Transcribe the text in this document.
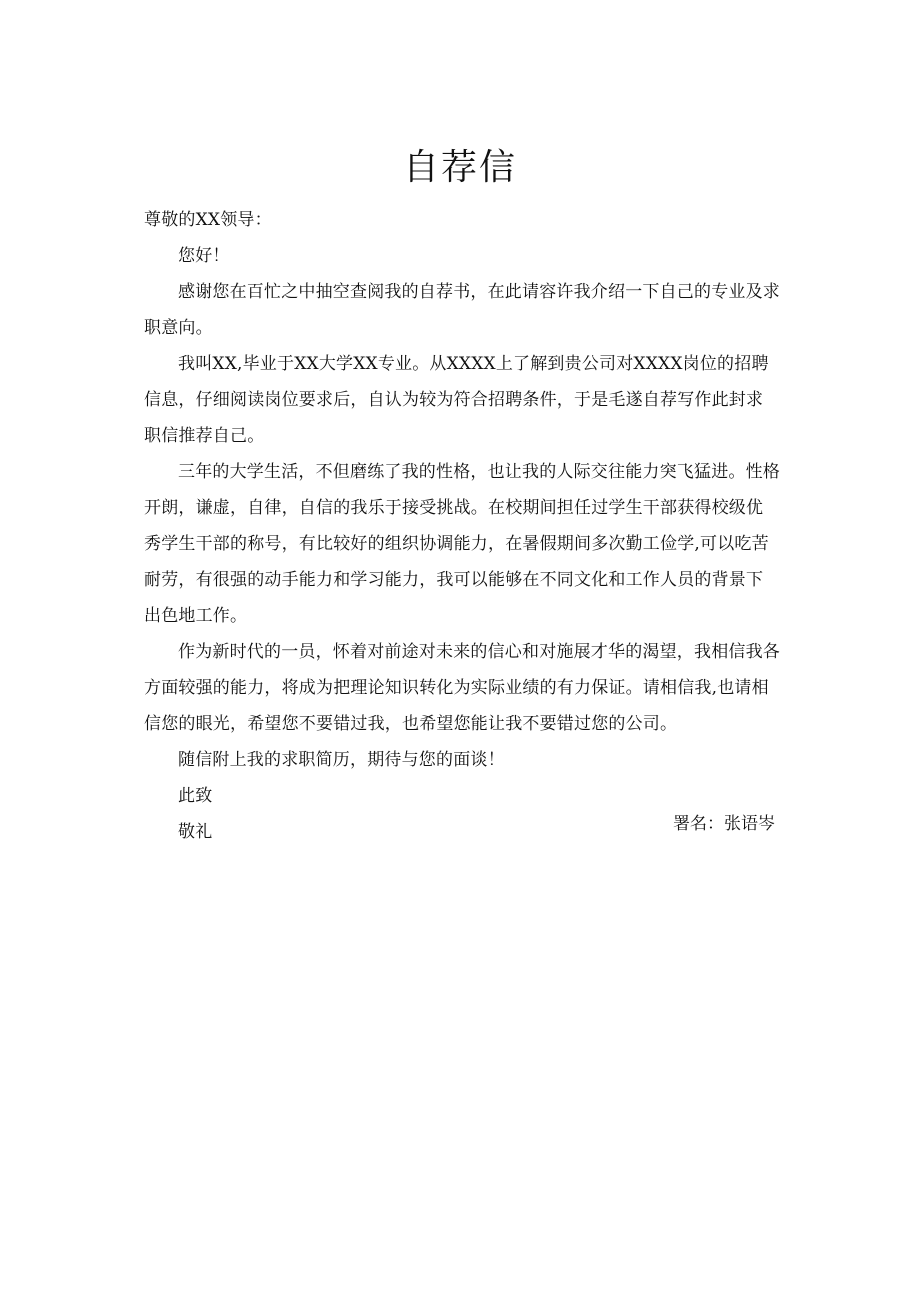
自荐信

尊敬的XX领导：

您好！

感谢您在百忙之中抽空查阅我的自荐书，在此请容许我介绍一下自己的专业及求职意向。

我叫XX,毕业于XX大学XX专业。从XXXX上了解到贵公司对XXXX岗位的招聘信息，仔细阅读岗位要求后，自认为较为符合招聘条件，于是毛遂自荐写作此封求职信推荐自己。

三年的大学生活，不但磨练了我的性格，也让我的人际交往能力突飞猛进。性格开朗，谦虚，自律，自信的我乐于接受挑战。在校期间担任过学生干部获得校级优秀学生干部的称号，有比较好的组织协调能力，在暑假期间多次勤工俭学,可以吃苦耐劳，有很强的动手能力和学习能力，我可以能够在不同文化和工作人员的背景下出色地工作。

作为新时代的一员，怀着对前途对未来的信心和对施展才华的渴望，我相信我各方面较强的能力，将成为把理论知识转化为实际业绩的有力保证。请相信我,也请相信您的眼光，希望您不要错过我，也希望您能让我不要错过您的公司。

随信附上我的求职简历，期待与您的面谈！

此致

敬礼	署名：张语岑
